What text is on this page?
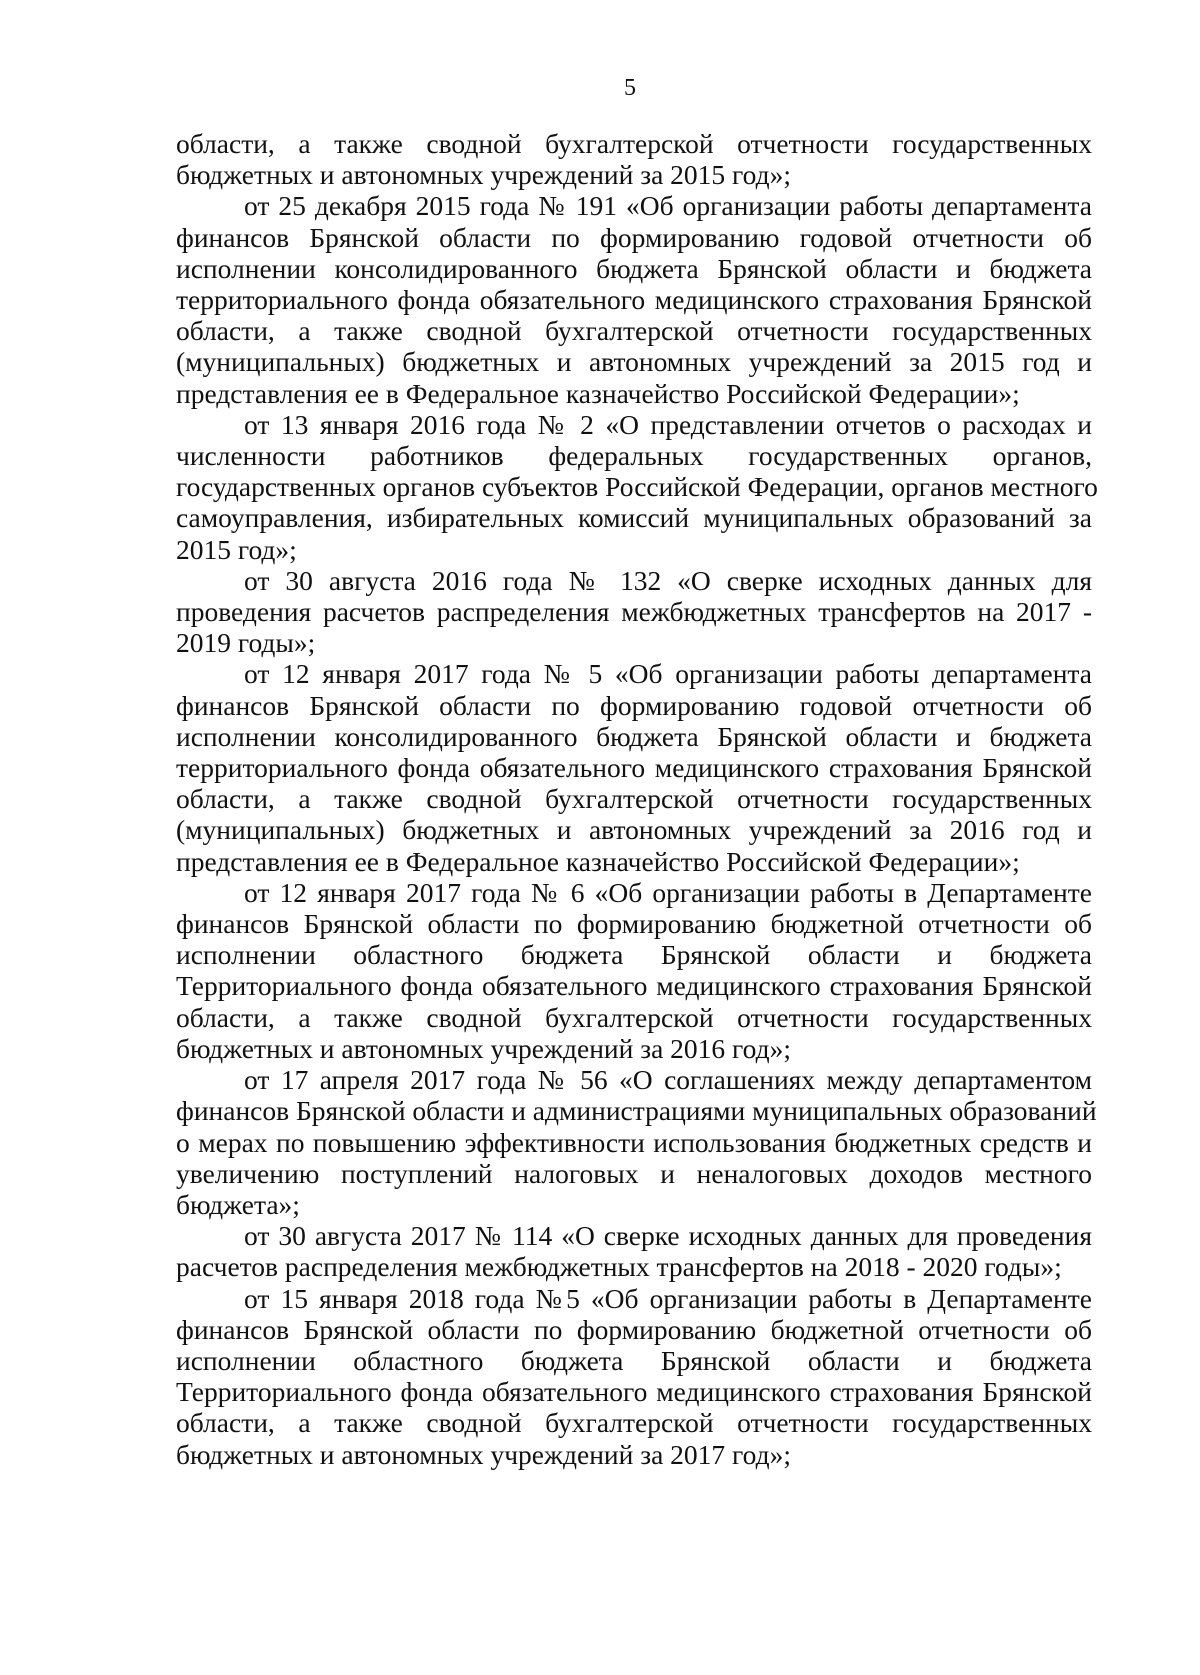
5
области, а также сводной бухгалтерской отчетности государственных
бюджетных и автономных учреждений за 2015 год»;
от 25 декабря 2015 года № 191 «Об организации работы департамента
финансов Брянской области по формированию годовой отчетности об
исполнении консолидированного бюджета Брянской области и бюджета
территориального фонда обязательного медицинского страхования Брянской
области, а также сводной бухгалтерской отчетности государственных
(муниципальных) бюджетных и автономных учреждений за 2015 год и
представления ее в Федеральное казначейство Российской Федерации»;
от 13 января 2016 года № 2 «О представлении отчетов о расходах и
численности работников федеральных государственных органов,
государственных органов субъектов Российской Федерации, органов местного
самоуправления, избирательных комиссий муниципальных образований за
2015 год»;
от 30 августа 2016 года № 132 «О сверке исходных данных для
проведения расчетов распределения межбюджетных трансфертов на 2017 -
2019 годы»;
от 12 января 2017 года № 5 «Об организации работы департамента
финансов Брянской области по формированию годовой отчетности об
исполнении консолидированного бюджета Брянской области и бюджета
территориального фонда обязательного медицинского страхования Брянской
области, а также сводной бухгалтерской отчетности государственных
(муниципальных) бюджетных и автономных учреждений за 2016 год и
представления ее в Федеральное казначейство Российской Федерации»;
от 12 января 2017 года № 6 «Об организации работы в Департаменте
финансов Брянской области по формированию бюджетной отчетности об
исполнении областного бюджета Брянской области и бюджета
Территориального фонда обязательного медицинского страхования Брянской
области, а также сводной бухгалтерской отчетности государственных
бюджетных и автономных учреждений за 2016 год»;
от 17 апреля 2017 года № 56 «О соглашениях между департаментом
финансов Брянской области и администрациями муниципальных образований
о мерах по повышению эффективности использования бюджетных средств и
увеличению поступлений налоговых и неналоговых доходов местного
бюджета»;
от 30 августа 2017 № 114 «О сверке исходных данных для проведения
расчетов распределения межбюджетных трансфертов на 2018 - 2020 годы»;
от 15 января 2018 года №5 «Об организации работы в Департаменте
финансов Брянской области по формированию бюджетной отчетности об
исполнении областного бюджета Брянской области и бюджета
Территориального фонда обязательного медицинского страхования Брянской
области, а также сводной бухгалтерской отчетности государственных
бюджетных и автономных учреждений за 2017 год»;
